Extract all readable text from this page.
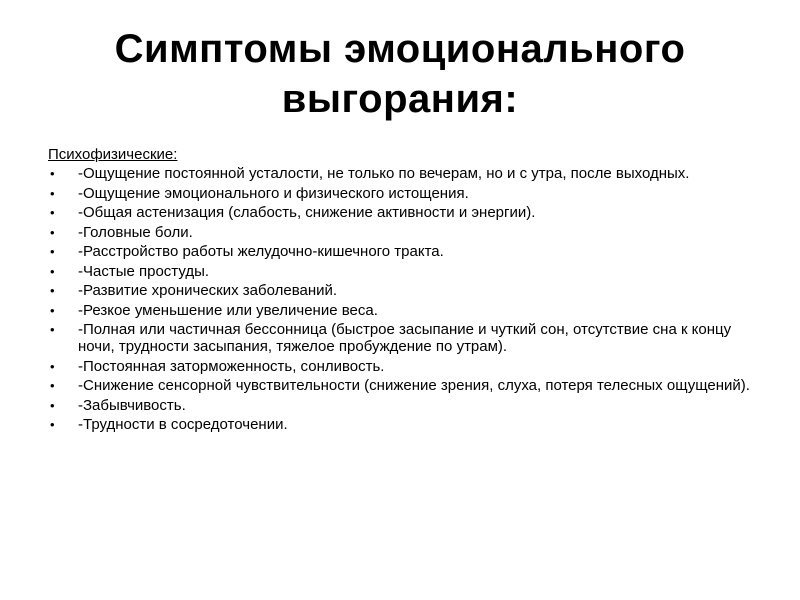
Симптомы эмоционального
выгорания:
Психофизические:
• -Ощущение постоянной усталости, не только по вечерам, но и с утра, после выходных.
• -Ощущение эмоционального и физического истощения.
• -Общая астенизация (слабость, снижение активности и энергии).
• -Головные боли.
• -Расстройство работы желудочно-кишечного тракта.
• -Частые простуды.
• -Развитие хронических заболеваний.
• -Резкое уменьшение или увеличение веса.
• -Полная или частичная бессонница (быстрое засыпание и чуткий сон, отсутствие сна к концу ночи, трудности засыпания, тяжелое пробуждение по утрам).
• -Постоянная заторможенность, сонливость.
• -Снижение сенсорной чувствительности (снижение зрения, слуха, потеря телесных ощущений).
• -Забывчивость.
• -Трудности в сосредоточении.
